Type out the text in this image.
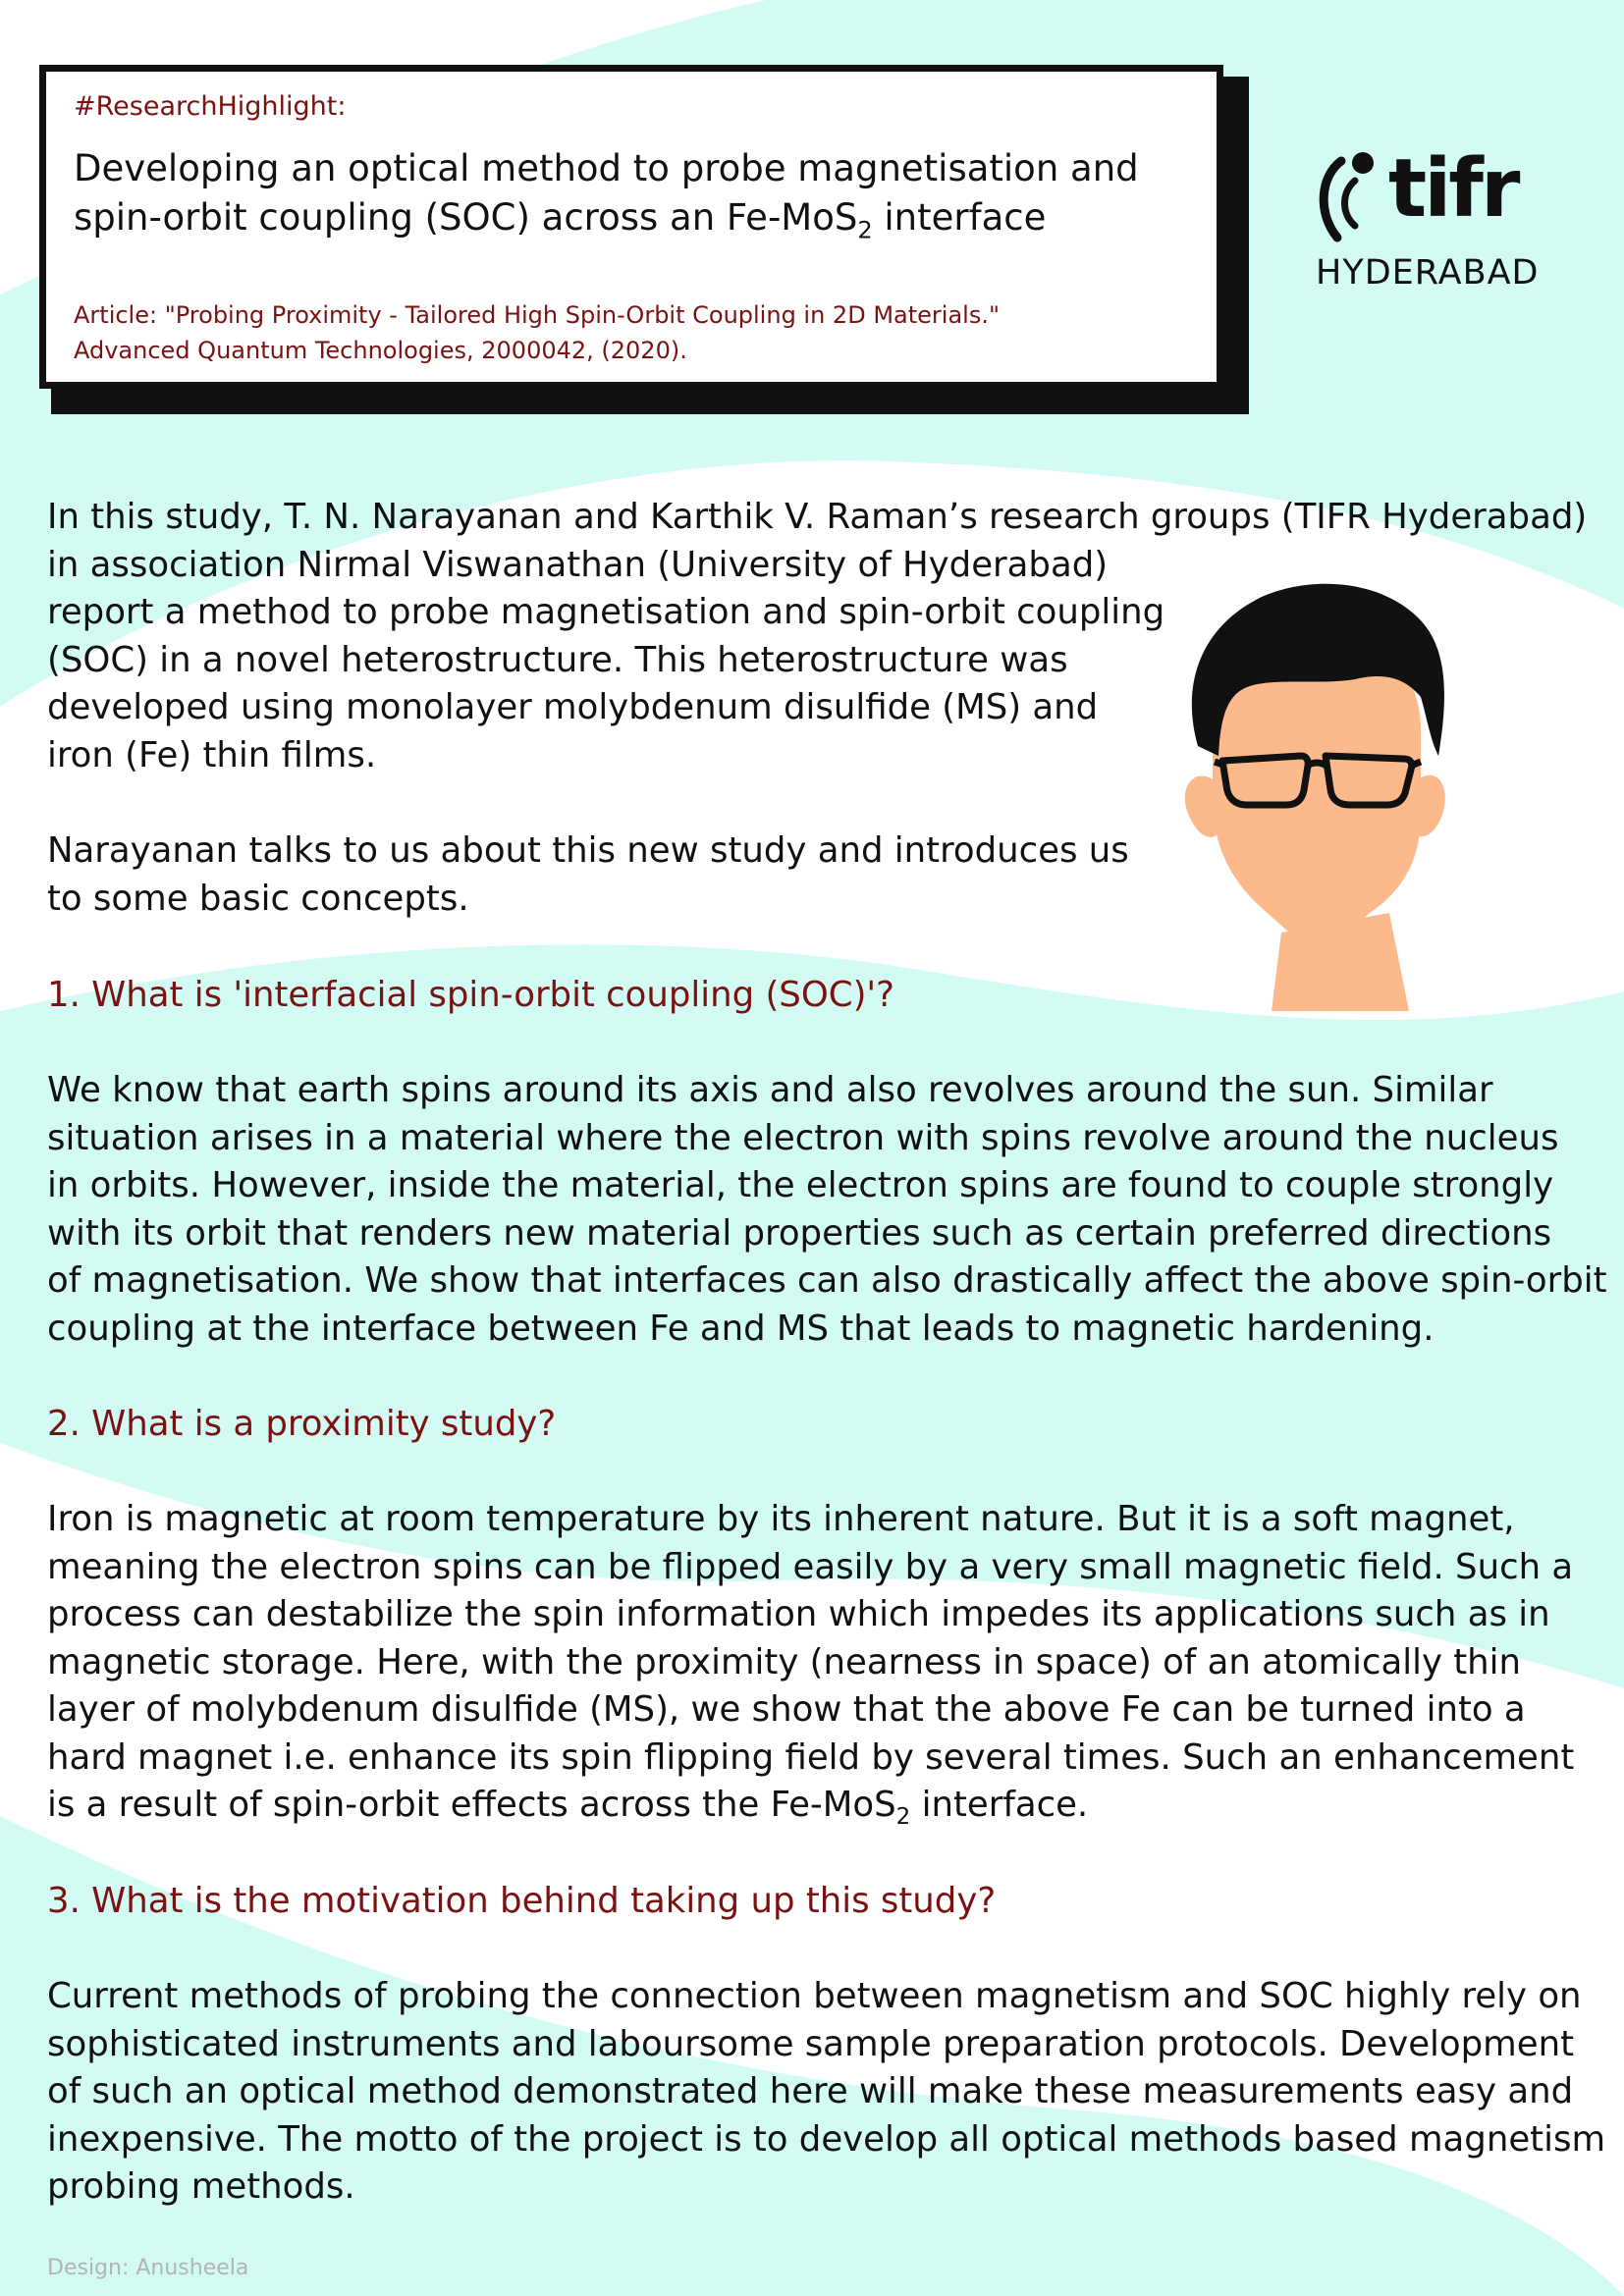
#ResearchHighlight:
Developing an optical method to probe magnetisation and
spin-orbit coupling (SOC) across an Fe-MoS$_2$ interface
Article: "Probing Proximity - Tailored High Spin-Orbit Coupling in 2D Materials."
Advanced Quantum Technologies, 2000042, (2020).
tifr
HYDERABAD
In this study, T. N. Narayanan and Karthik V. Raman’s research groups (TIFR Hyderabad)
in association Nirmal Viswanathan (University of Hyderabad)
report a method to probe magnetisation and spin-orbit coupling
(SOC) in a novel heterostructure. This heterostructure was
developed using monolayer molybdenum disulfide (MS) and
iron (Fe) thin films.
Narayanan talks to us about this new study and introduces us
to some basic concepts.
1. What is 'interfacial spin-orbit coupling (SOC)'?
We know that earth spins around its axis and also revolves around the sun. Similar
situation arises in a material where the electron with spins revolve around the nucleus
in orbits. However, inside the material, the electron spins are found to couple strongly
with its orbit that renders new material properties such as certain preferred directions
of magnetisation. We show that interfaces can also drastically affect the above spin-orbit
coupling at the interface between Fe and MS that leads to magnetic hardening.
2. What is a proximity study?
Iron is magnetic at room temperature by its inherent nature. But it is a soft magnet,
meaning the electron spins can be flipped easily by a very small magnetic field. Such a
process can destabilize the spin information which impedes its applications such as in
magnetic storage. Here, with the proximity (nearness in space) of an atomically thin
layer of molybdenum disulfide (MS), we show that the above Fe can be turned into a
hard magnet i.e. enhance its spin flipping field by several times. Such an enhancement
is a result of spin-orbit effects across the Fe-MoS$_2$ interface.
3. What is the motivation behind taking up this study?
Current methods of probing the connection between magnetism and SOC highly rely on
sophisticated instruments and laboursome sample preparation protocols. Development
of such an optical method demonstrated here will make these measurements easy and
inexpensive. The motto of the project is to develop all optical methods based magnetism
probing methods.
Design: Anusheela
